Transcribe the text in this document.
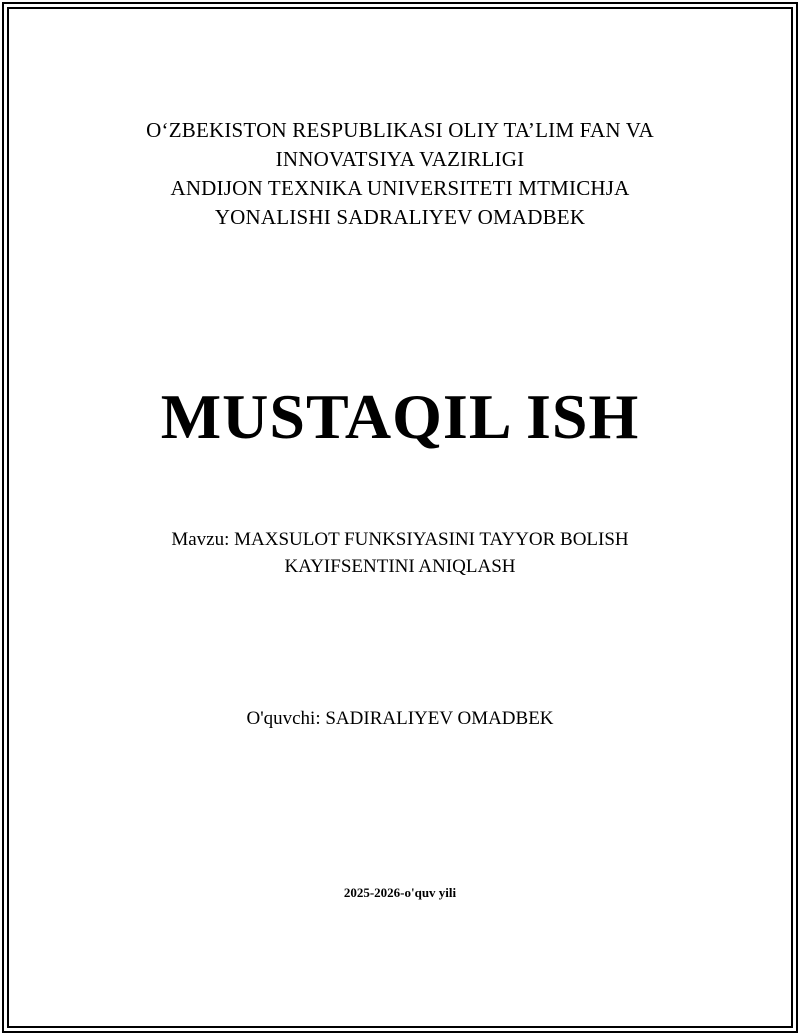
OʻZBEKISTON RESPUBLIKASI OLIY TA’LIM FAN VA
INNOVATSIYA VAZIRLIGI
ANDIJON TEXNIKA UNIVERSITETI MTMICHJA
YONALISHI SADRALIYEV OMADBEK
MUSTAQIL ISH
Mavzu: MAXSULOT FUNKSIYASINI TAYYOR BOLISH
KAYIFSENTINI ANIQLASH
O'quvchi: SADIRALIYEV OMADBEK
2025-2026-o'quv yili
